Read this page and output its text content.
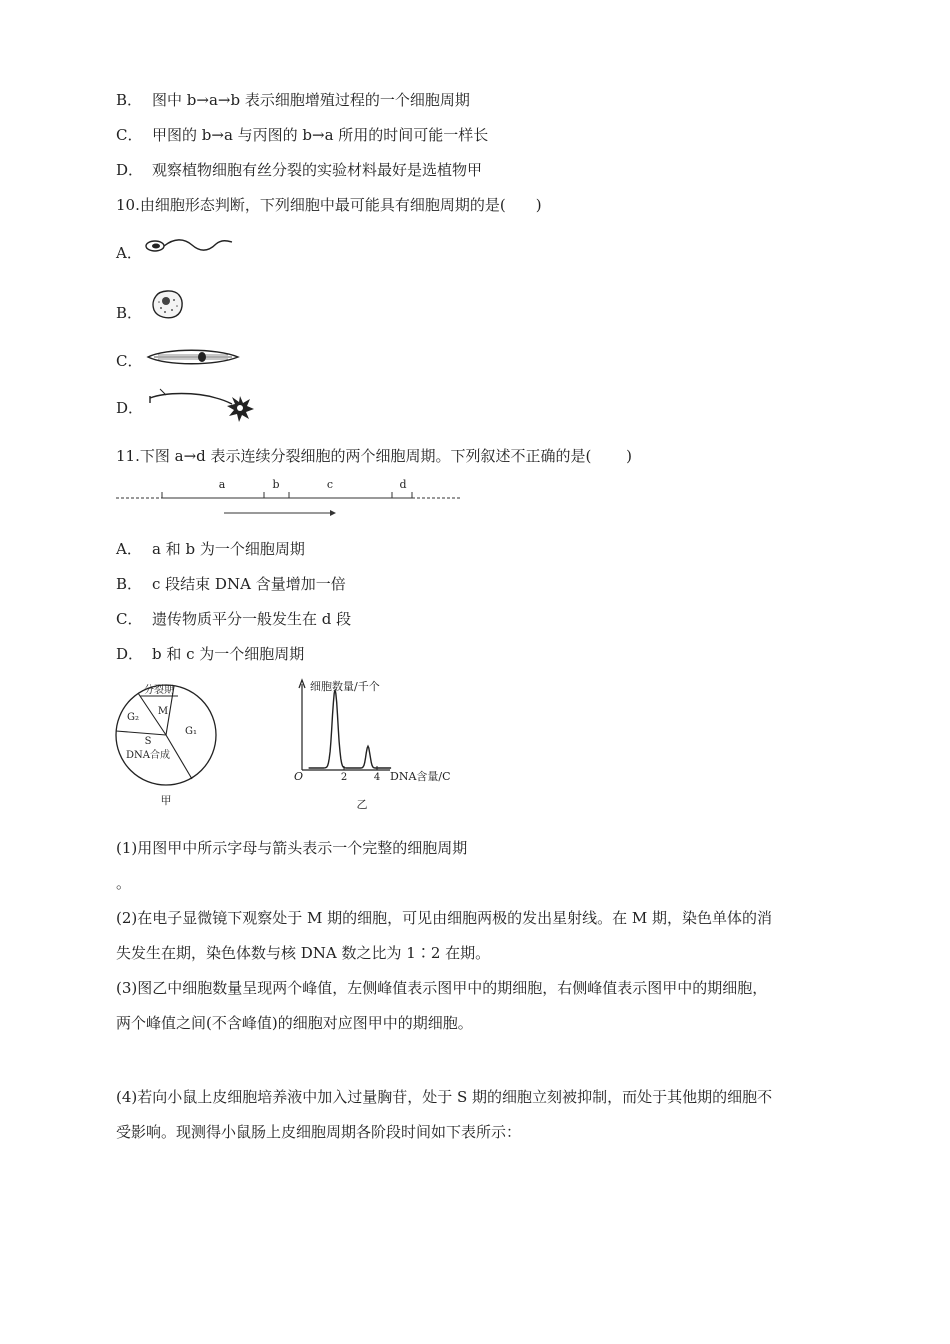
B． 图中 b→a→b 表示细胞增殖过程的一个细胞周期
C． 甲图的 b→a 与丙图的 b→a 所用的时间可能一样长
D． 观察植物细胞有丝分裂的实验材料最好是选植物甲
10.由细胞形态判断，下列细胞中最可能具有细胞周期的是(　　)
A．
B．
C．
D．
11.下图 a→d 表示连续分裂细胞的两个细胞周期。下列叙述不正确的是(　　 )
a	b	c	d
A． a 和 b 为一个细胞周期
B． c 段结束 DNA 含量增加一倍
C． 遗传物质平分一般发生在 d 段
D． b 和 c 为一个细胞周期
分裂期
M
G₂
G₁
S
DNA合成
甲
细胞数量/千个
O	DNA含量/C
2	4
乙
(1)用图甲中所示字母与箭头表示一个完整的细胞周期
。
(2)在电子显微镜下观察处于 M 期的细胞，可见由细胞两极的发出星射线。在 M 期，染色单体的消
失发生在期，染色体数与核 DNA 数之比为 1∶2 在期。
(3)图乙中细胞数量呈现两个峰值，左侧峰值表示图甲中的期细胞，右侧峰值表示图甲中的期细胞，
两个峰值之间(不含峰值)的细胞对应图甲中的期细胞。
(4)若向小鼠上皮细胞培养液中加入过量胸苷，处于 S 期的细胞立刻被抑制，而处于其他期的细胞不
受影响。现测得小鼠肠上皮细胞周期各阶段时间如下表所示：
